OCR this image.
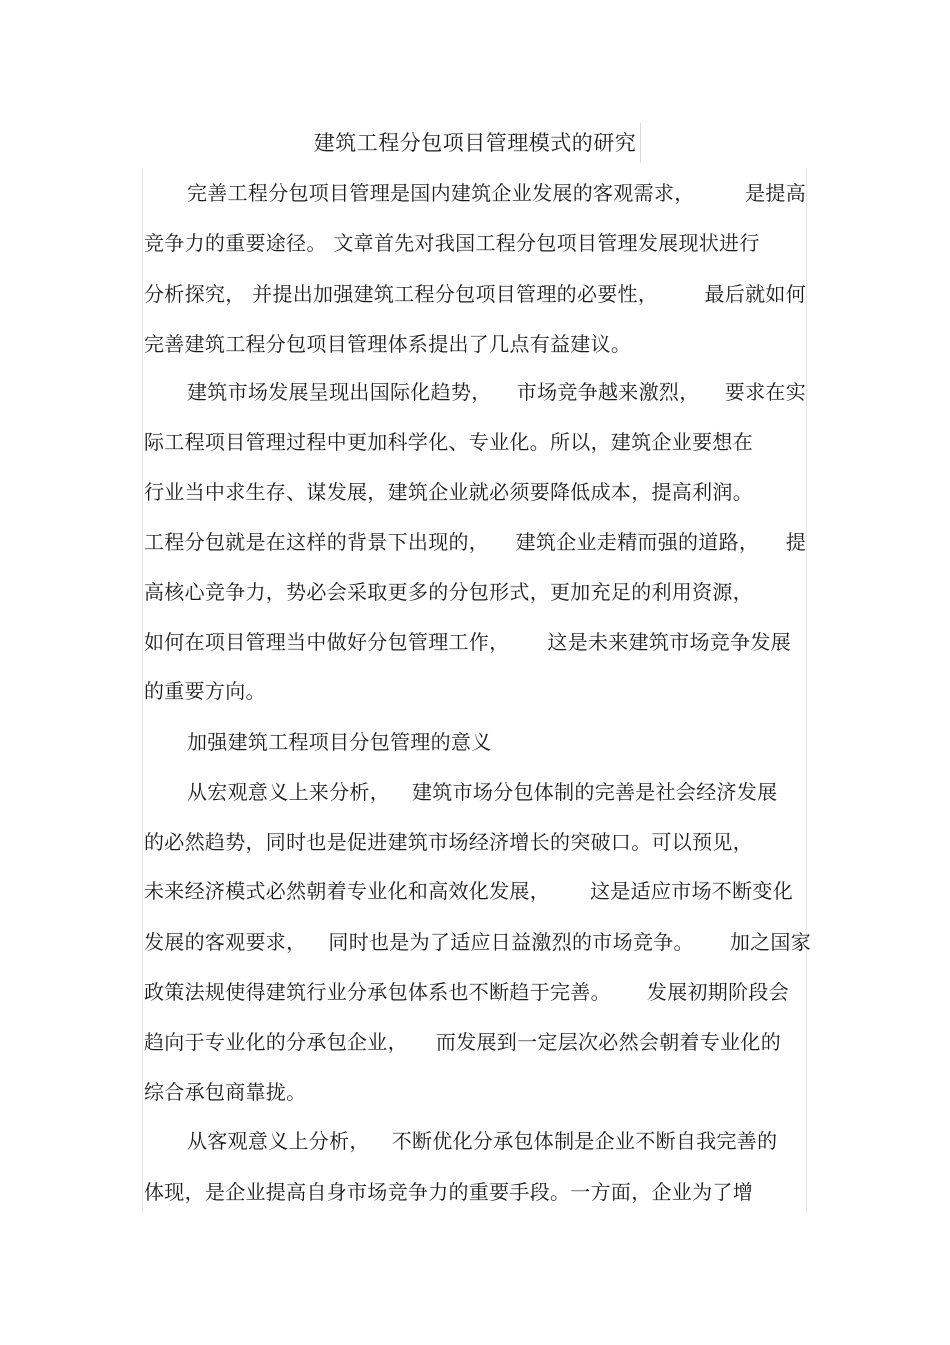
建筑工程分包项目管理模式的研究
完善工程分包项目管理是国内建筑企业发展的客观需求，	是提高
竞争力的重要途径。 文章首先对我国工程分包项目管理发展现状进行
分析探究， 并提出加强建筑工程分包项目管理的必要性， 最后就如何
完善建筑工程分包项目管理体系提出了几点有益建议。
建筑市场发展呈现出国际化趋势， 市场竞争越来激烈， 要求在实
际工程项目管理过程中更加科学化、专业化。所以，建筑企业要想在
行业当中求生存、谋发展，建筑企业就必须要降低成本，提高利润。
工程分包就是在这样的背景下出现的， 建筑企业走精而强的道路， 提
高核心竞争力，势必会采取更多的分包形式，更加充足的利用资源，
如何在项目管理当中做好分包管理工作， 这是未来建筑市场竞争发展
的重要方向。
加强建筑工程项目分包管理的意义
从宏观意义上来分析， 建筑市场分包体制的完善是社会经济发展
的必然趋势，同时也是促进建筑市场经济增长的突破口。可以预见，
未来经济模式必然朝着专业化和高效化发展， 这是适应市场不断变化
发展的客观要求， 同时也是为了适应日益激烈的市场竞争。 加之国家
政策法规使得建筑行业分承包体系也不断趋于完善。 发展初期阶段会
趋向于专业化的分承包企业， 而发展到一定层次必然会朝着专业化的
综合承包商靠拢。
从客观意义上分析， 不断优化分承包体制是企业不断自我完善的
体现，是企业提高自身市场竞争力的重要手段。一方面，企业为了增
